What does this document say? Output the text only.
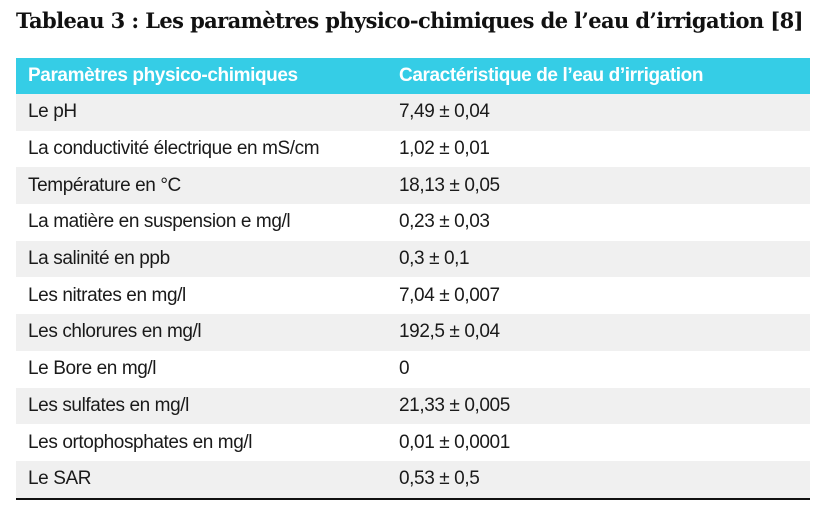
Tableau 3 : Les paramètres physico-chimiques de l’eau d’irrigation [8]
Paramètres physico-chimiques	Caractéristique de l’eau d’irrigation
Le pH	7,49 ± 0,04
La conductivité électrique en mS/cm	1,02 ± 0,01
Température en °C	18,13 ± 0,05
La matière en suspension e mg/l	0,23 ± 0,03
La salinité en ppb	0,3 ± 0,1
Les nitrates en mg/l	7,04 ± 0,007
Les chlorures en mg/l	192,5 ± 0,04
Le Bore en mg/l	0
Les sulfates en mg/l	21,33 ± 0,005
Les ortophosphates en mg/l	0,01 ± 0,0001
Le SAR	0,53 ± 0,5
